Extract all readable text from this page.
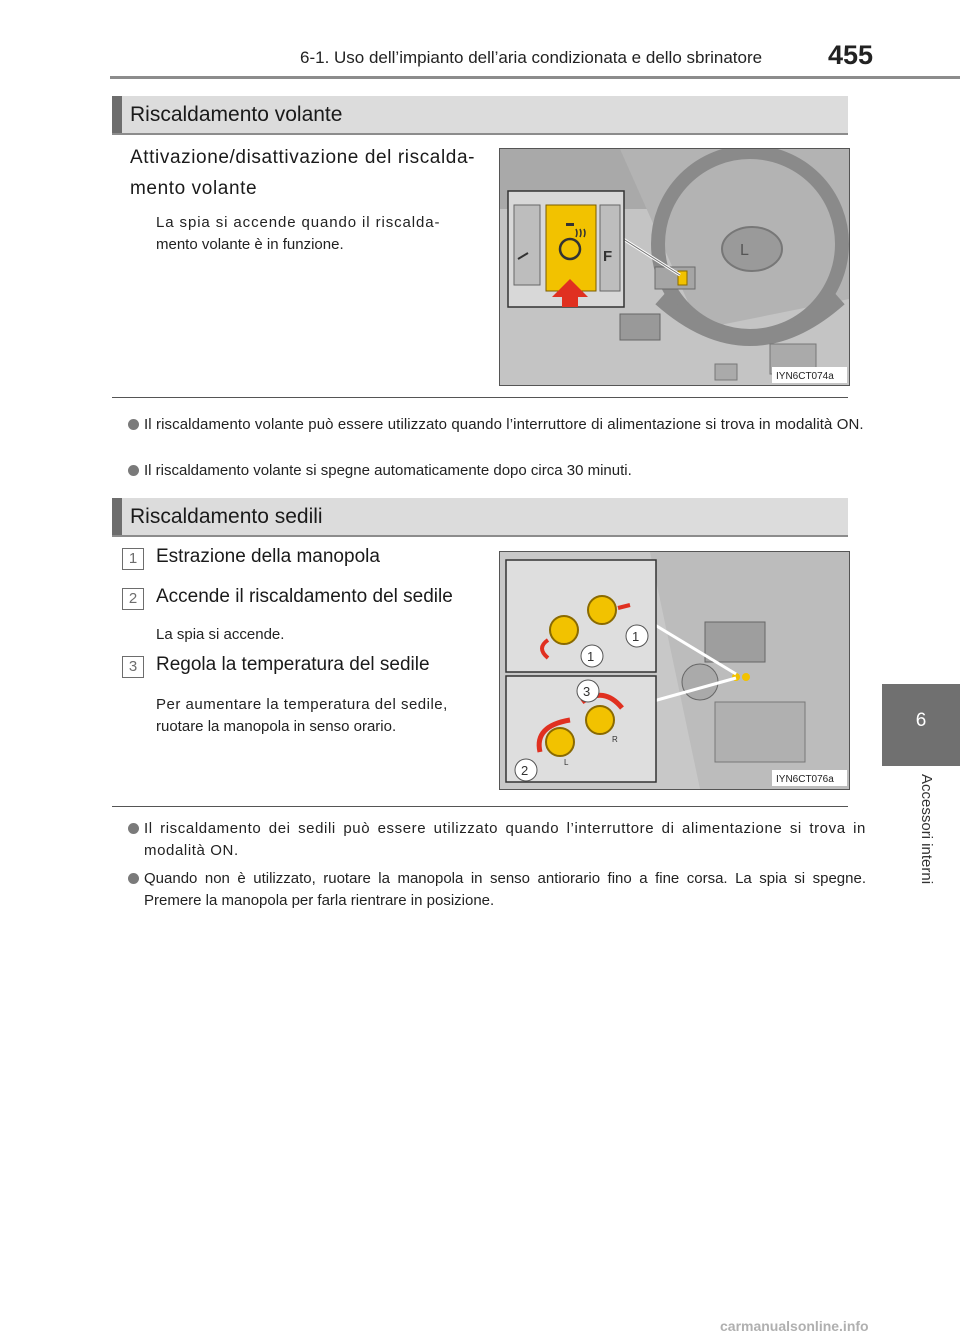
6-1. Uso dell’impianto dell’aria condizionata e dello sbrinatore 455
Riscaldamento volante
Attivazione/disattivazione del riscalda-
mento volante
La spia si accende quando il riscalda-
mento volante è in funzione.	L
F
IYN6CT074a
Il riscaldamento volante può essere utilizzato quando l’interruttore di alimentazione si trova in modalità ON.
Il riscaldamento volante si spegne automaticamente dopo circa 30 minuti.
Riscaldamento sedili
1 Estrazione della manopola
2 Accende il riscaldamento del sedile
La spia si accende.
3 Regola la temperatura del sedile
Per aumentare la temperatura del sedile,
ruotare la manopola in senso orario.
1
1
L
R
3
2
IYN6CT076a
Il riscaldamento dei sedili può essere utilizzato quando l’interruttore di alimentazione si trova in modalità ON.
Quando non è utilizzato, ruotare la manopola in senso antiorario fino a fine corsa. La spia si spegne. Premere la manopola per farla rientrare in posizione.
6
Accessori interni
carmanualsonline.info
